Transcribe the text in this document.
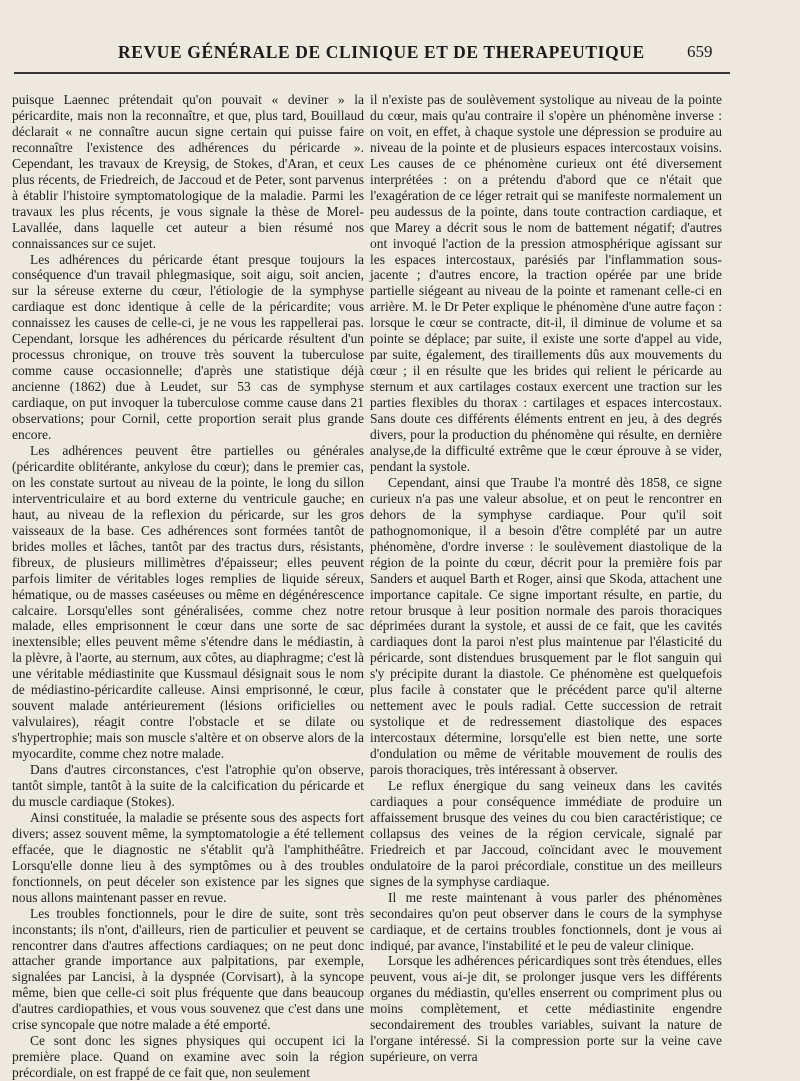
REVUE GÉNÉRALE DE CLINIQUE ET DE THERAPEUTIQUE 659

puisque Laennec prétendait qu'on pouvait « deviner » la péricardite, mais non la reconnaître, et que, plus tard, Bouillaud déclarait « ne connaître aucun signe certain qui puisse faire reconnaître l'existence des adhérences du péricarde ». Cependant, les travaux de Kreysig, de Stokes, d'Aran, et ceux plus récents, de Friedreich, de Jaccoud et de Peter, sont parvenus à établir l'histoire symptomatologique de la maladie. Parmi les travaux les plus récents, je vous signale la thèse de Morel-Lavallée, dans laquelle cet auteur a bien résumé nos connaissances sur ce sujet.

Les adhérences du péricarde étant presque toujours la conséquence d'un travail phlegmasique, soit aigu, soit ancien, sur la séreuse externe du cœur, l'étiologie de la symphyse cardiaque est donc identique à celle de la péricardite; vous connaissez les causes de celle-ci, je ne vous les rappellerai pas. Cependant, lorsque les adhérences du péricarde résultent d'un processus chronique, on trouve très souvent la tuberculose comme cause occasionnelle; d'après une statistique déjà ancienne (1862) due à Leudet, sur 53 cas de symphyse cardiaque, on put invoquer la tuberculose comme cause dans 21 observations; pour Cornil, cette proportion serait plus grande encore.

Les adhérences peuvent être partielles ou générales (péricardite oblitérante, ankylose du cœur); dans le premier cas, on les constate surtout au niveau de la pointe, le long du sillon interventriculaire et au bord externe du ventricule gauche; en haut, au niveau de la reflexion du péricarde, sur les gros vaisseaux de la base. Ces adhérences sont formées tantôt de brides molles et lâches, tantôt par des tractus durs, résistants, fibreux, de plusieurs millimètres d'épaisseur; elles peuvent parfois limiter de véritables loges remplies de liquide séreux, hématique, ou de masses caséeuses ou même en dégénérescence calcaire. Lorsqu'elles sont généralisées, comme chez notre malade, elles emprisonnent le cœur dans une sorte de sac inextensible; elles peuvent même s'étendre dans le médiastin, à la plèvre, à l'aorte, au sternum, aux côtes, au diaphragme; c'est là une véritable médiastinite que Kussmaul désignait sous le nom de médiastino-péricardite calleuse. Ainsi emprisonné, le cœur, souvent malade antérieurement (lésions orificielles ou valvulaires), réagit contre l'obstacle et se dilate ou s'hypertrophie; mais son muscle s'altère et on observe alors de la myocardite, comme chez notre malade.

Dans d'autres circonstances, c'est l'atrophie qu'on observe, tantôt simple, tantôt à la suite de la calcification du péricarde et du muscle cardiaque (Stokes).

Ainsi constituée, la maladie se présente sous des aspects fort divers; assez souvent même, la symptomatologie a été tellement effacée, que le diagnostic ne s'établit qu'à l'amphithéâtre. Lorsqu'elle donne lieu à des symptômes ou à des troubles fonctionnels, on peut déceler son existence par les signes que nous allons maintenant passer en revue.

Les troubles fonctionnels, pour le dire de suite, sont très inconstants; ils n'ont, d'ailleurs, rien de particulier et peuvent se rencontrer dans d'autres affections cardiaques; on ne peut donc attacher grande importance aux palpitations, par exemple, signalées par Lancisi, à la dyspnée (Corvisart), à la syncope même, bien que celle-ci soit plus fréquente que dans beaucoup d'autres cardiopathies, et vous vous souvenez que c'est dans une crise syncopale que notre malade a été emporté.

Ce sont donc les signes physiques qui occupent ici la première place. Quand on examine avec soin la région précordiale, on est frappé de ce fait que, non seulement

il n'existe pas de soulèvement systolique au niveau de la pointe du cœur, mais qu'au contraire il s'opère un phénomène inverse : on voit, en effet, à chaque systole une dépression se produire au niveau de la pointe et de plusieurs espaces intercostaux voisins. Les causes de ce phénomène curieux ont été diversement interprétées : on a prétendu d'abord que ce n'était que l'exagération de ce léger retrait qui se manifeste normalement un peu audessus de la pointe, dans toute contraction cardiaque, et que Marey a décrit sous le nom de battement négatif; d'autres ont invoqué l'action de la pression atmosphérique agissant sur les espaces intercostaux, parésiés par l'inflammation sous-jacente ; d'autres encore, la traction opérée par une bride partielle siégeant au niveau de la pointe et ramenant celle-ci en arrière. M. le Dr Peter explique le phénomène d'une autre façon : lorsque le cœur se contracte, dit-il, il diminue de volume et sa pointe se déplace; par suite, il existe une sorte d'appel au vide, par suite, également, des tiraillements dûs aux mouvements du cœur ; il en résulte que les brides qui relient le péricarde au sternum et aux cartilages costaux exercent une traction sur les parties flexibles du thorax : cartilages et espaces intercostaux. Sans doute ces différents éléments entrent en jeu, à des degrés divers, pour la production du phénomène qui résulte, en dernière analyse,de la difficulté extrême que le cœur éprouve à se vider, pendant la systole.

Cependant, ainsi que Traube l'a montré dès 1858, ce signe curieux n'a pas une valeur absolue, et on peut le rencontrer en dehors de la symphyse cardiaque. Pour qu'il soit pathognomonique, il a besoin d'être complété par un autre phénomène, d'ordre inverse : le soulèvement diastolique de la région de la pointe du cœur, décrit pour la première fois par Sanders et auquel Barth et Roger, ainsi que Skoda, attachent une importance capitale. Ce signe important résulte, en partie, du retour brusque à leur position normale des parois thoraciques déprimées durant la systole, et aussi de ce fait, que les cavités cardiaques dont la paroi n'est plus maintenue par l'élasticité du péricarde, sont distendues brusquement par le flot sanguin qui s'y précipite durant la diastole. Ce phénomène est quelquefois plus facile à constater que le précédent parce qu'il alterne nettement avec le pouls radial. Cette succession de retrait systolique et de redressement diastolique des espaces intercostaux détermine, lorsqu'elle est bien nette, une sorte d'ondulation ou même de véritable mouvement de roulis des parois thoraciques, très intéressant à observer.

Le reflux énergique du sang veineux dans les cavités cardiaques a pour conséquence immédiate de produire un affaissement brusque des veines du cou bien caractéristique; ce collapsus des veines de la région cervicale, signalé par Friedreich et par Jaccoud, coïncidant avec le mouvement ondulatoire de la paroi précordiale, constitue un des meilleurs signes de la symphyse cardiaque.

Il me reste maintenant à vous parler des phénomènes secondaires qu'on peut observer dans le cours de la symphyse cardiaque, et de certains troubles fonctionnels, dont je vous ai indiqué, par avance, l'instabilité et le peu de valeur clinique.

Lorsque les adhérences péricardiques sont très étendues, elles peuvent, vous ai-je dit, se prolonger jusque vers les différents organes du médiastin, qu'elles enserrent ou compriment plus ou moins complètement, et cette médiastinite engendre secondairement des troubles variables, suivant la nature de l'organe intéressé. Si la compression porte sur la veine cave supérieure, on verra
